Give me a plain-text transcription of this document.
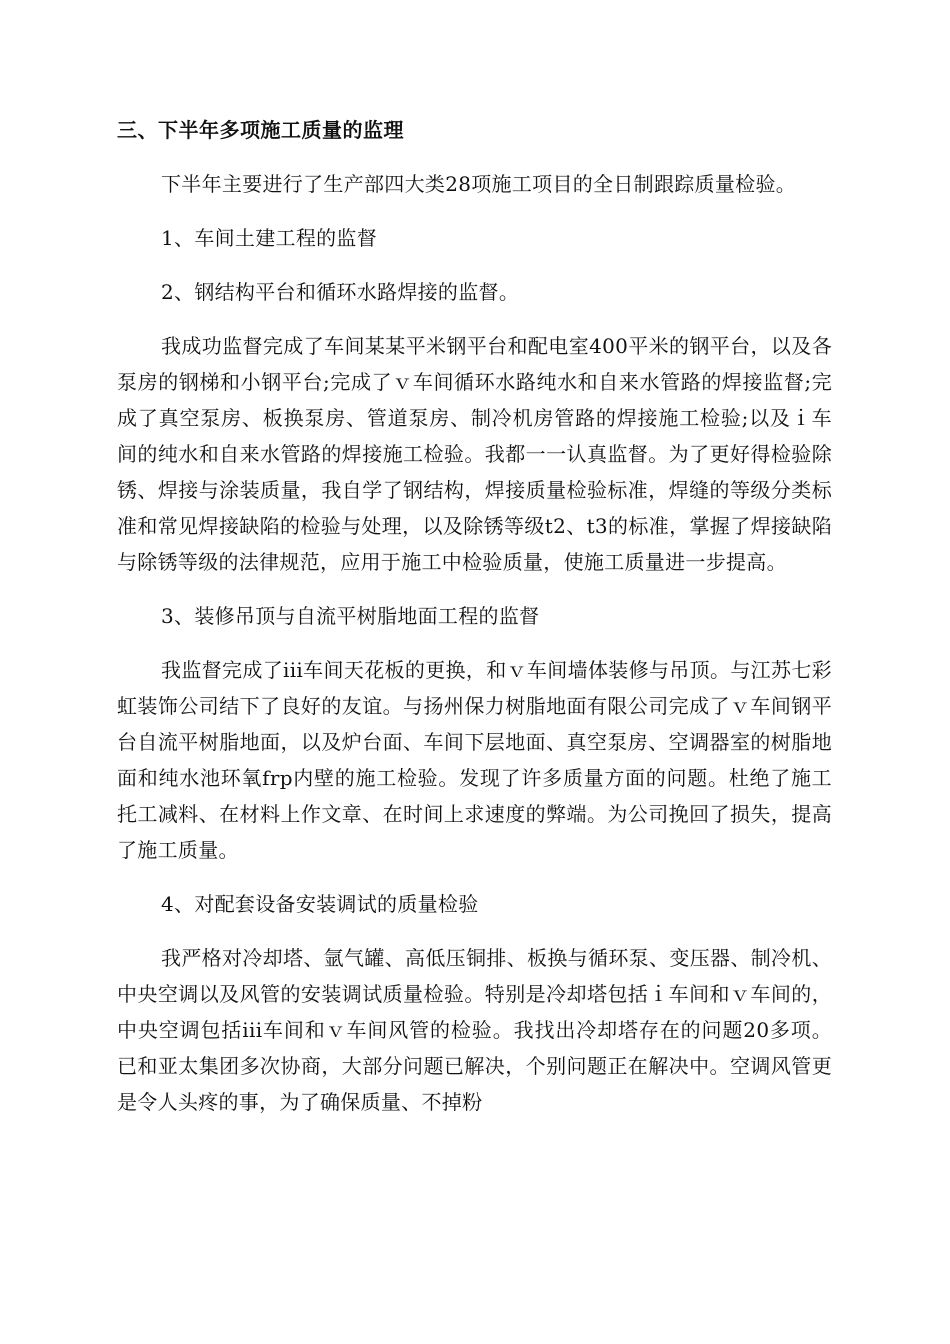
三、下半年多项施工质量的监理
下半年主要进行了生产部四大类28项施工项目的全日制跟踪质量检验。
1、车间土建工程的监督
2、钢结构平台和循环水路焊接的监督。
我成功监督完成了车间某某平米钢平台和配电室400平米的钢平台，以及各泵房的钢梯和小钢平台;完成了ｖ车间循环水路纯水和自来水管路的焊接监督;完成了真空泵房、板换泵房、管道泵房、制冷机房管路的焊接施工检验;以及ｉ车间的纯水和自来水管路的焊接施工检验。我都一一认真监督。为了更好得检验除锈、焊接与涂装质量，我自学了钢结构，焊接质量检验标准，焊缝的等级分类标准和常见焊接缺陷的检验与处理，以及除锈等级t2、t3的标准，掌握了焊接缺陷与除锈等级的法律规范，应用于施工中检验质量，使施工质量进一步提高。
3、装修吊顶与自流平树脂地面工程的监督
我监督完成了iii车间天花板的更换，和ｖ车间墙体装修与吊顶。与江苏七彩虹装饰公司结下了良好的友谊。与扬州保力树脂地面有限公司完成了ｖ车间钢平台自流平树脂地面，以及炉台面、车间下层地面、真空泵房、空调器室的树脂地面和纯水池环氧frp内壁的施工检验。发现了许多质量方面的问题。杜绝了施工托工减料、在材料上作文章、在时间上求速度的弊端。为公司挽回了损失，提高了施工质量。
4、对配套设备安装调试的质量检验
我严格对冷却塔、氩气罐、高低压铜排、板换与循环泵、变压器、制冷机、中央空调以及风管的安装调试质量检验。特别是冷却塔包括ｉ车间和ｖ车间的，中央空调包括iii车间和ｖ车间风管的检验。我找出冷却塔存在的问题20多项。已和亚太集团多次协商，大部分问题已解决，个别问题正在解决中。空调风管更是令人头疼的事，为了确保质量、不掉粉
